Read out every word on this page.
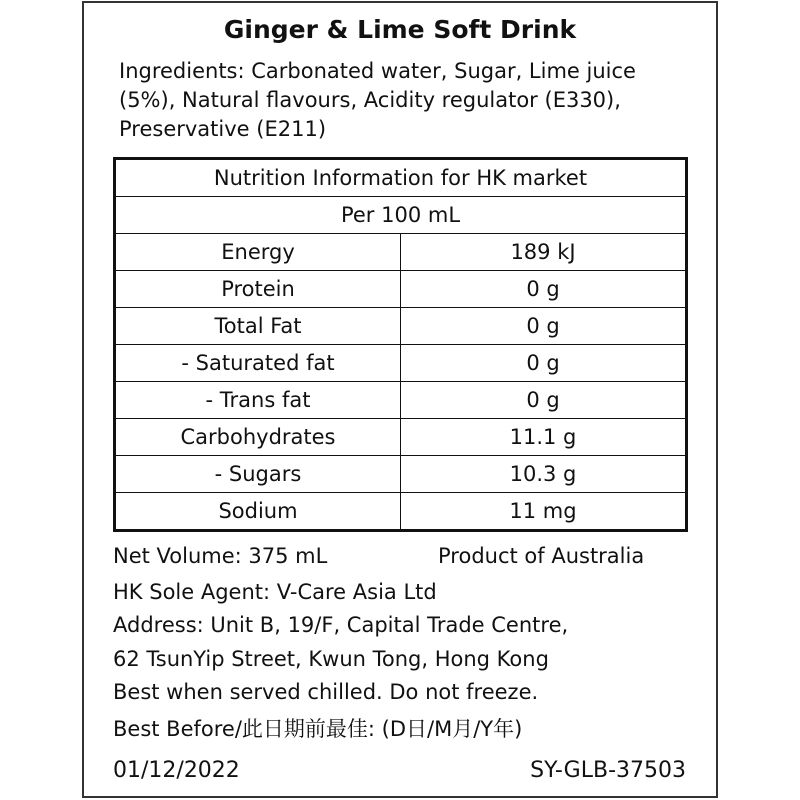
Ginger & Lime Soft Drink
Ingredients: Carbonated water, Sugar, Lime juice (5%), Natural flavours, Acidity regulator (E330), Preservative (E211)
Nutrition Information for HK market
Per 100 mL
Energy	189 kJ
Protein	0 g
Total Fat	0 g
- Saturated fat	0 g
- Trans fat	0 g
Carbohydrates	11.1 g
- Sugars	10.3 g
Sodium	11 mg
Net Volume: 375 mL	Product of Australia
HK Sole Agent: V-Care Asia Ltd
Address: Unit B, 19/F, Capital Trade Centre,
62 TsunYip Street, Kwun Tong, Hong Kong
Best when served chilled. Do not freeze.
Best Before/此日期前最佳: (D日/M月/Y年)
01/12/2022	SY-GLB-37503
